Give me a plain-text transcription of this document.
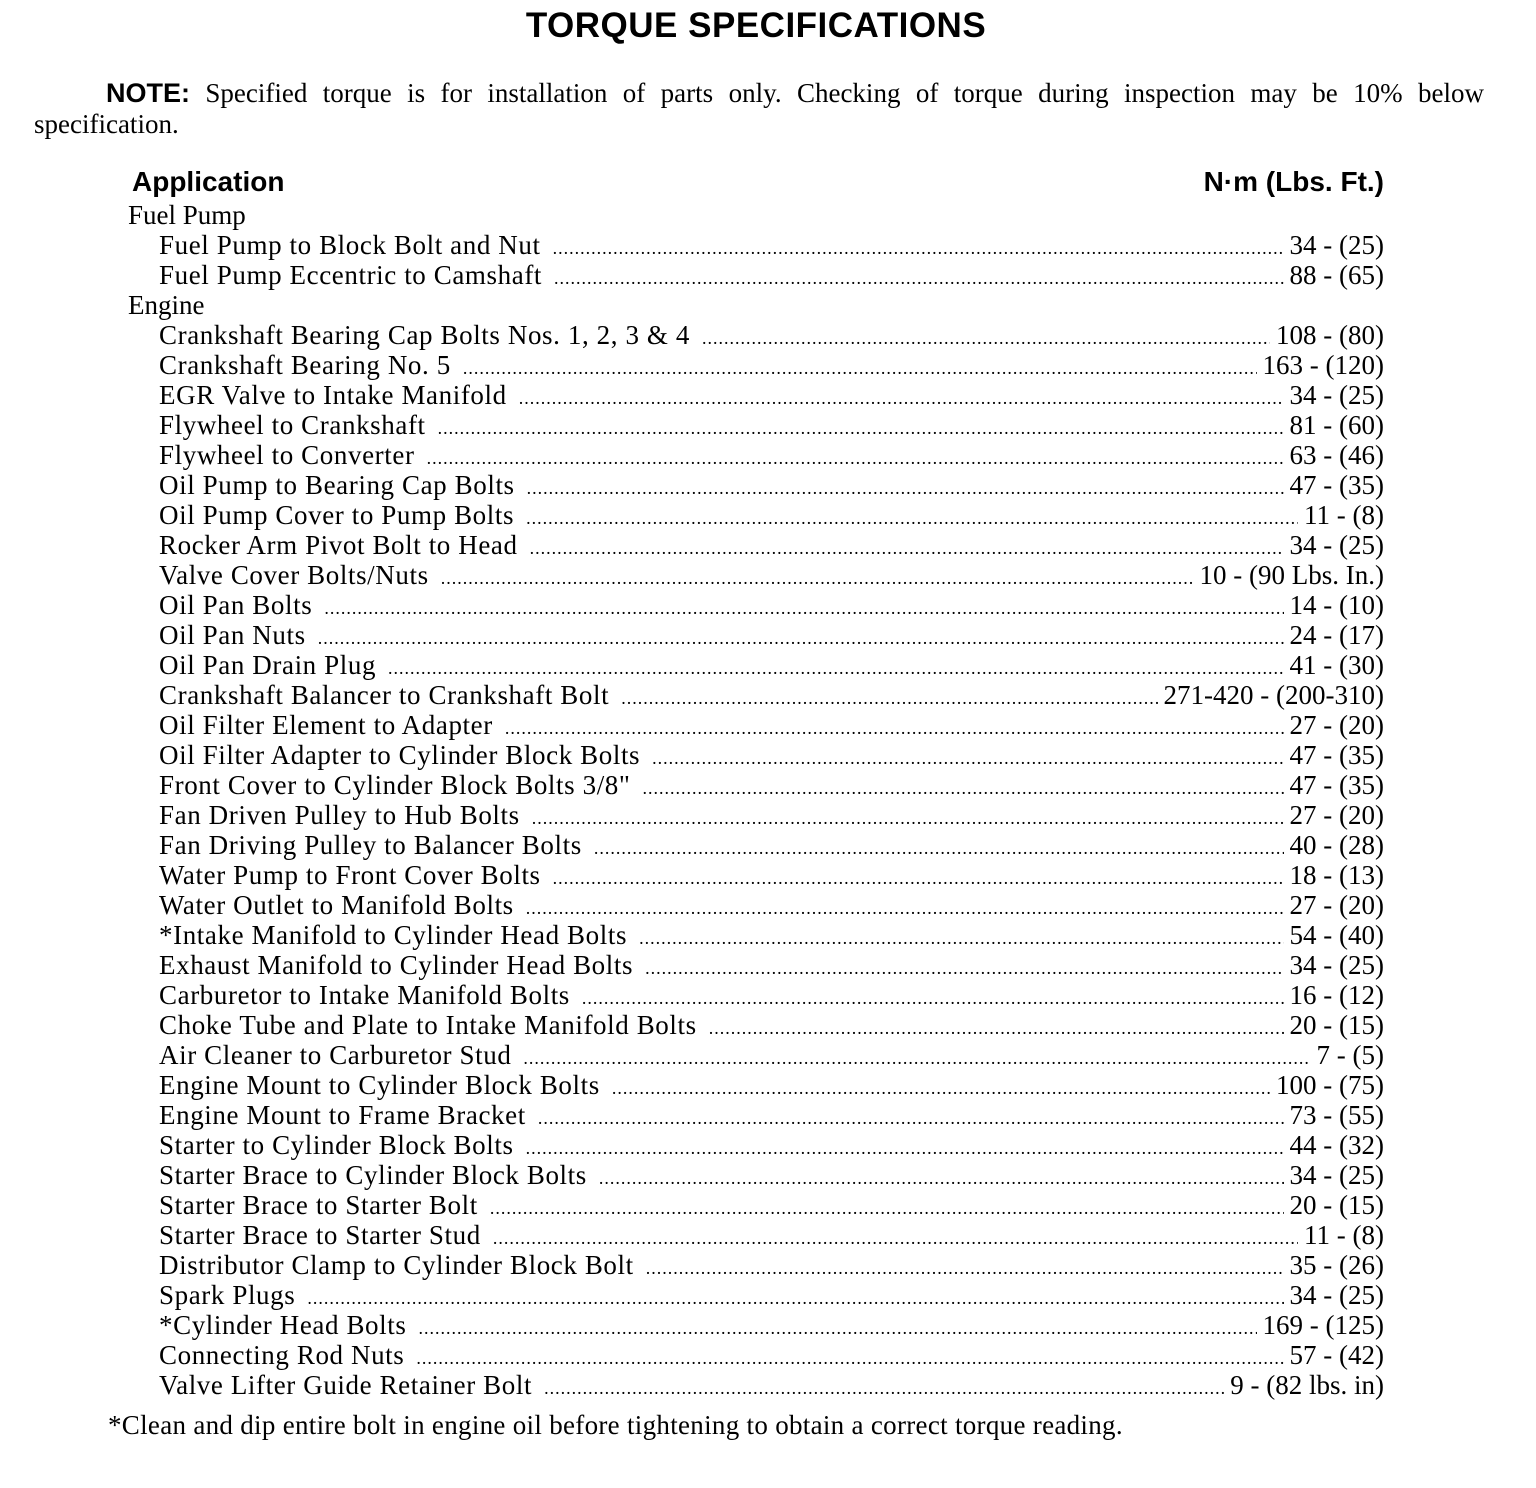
TORQUE SPECIFICATIONS
NOTE: Specified torque is for installation of parts only. Checking of torque during inspection may be 10% below specification.
Application	N·m (Lbs. Ft.)
Fuel Pump
Fuel Pump to Block Bolt and Nut .....	34 - (25)
Fuel Pump Eccentric to Camshaft .....	88 - (65)
Engine
Crankshaft Bearing Cap Bolts Nos. 1, 2, 3 & 4 .....	108 - (80)
Crankshaft Bearing No. 5 .....	163 - (120)
EGR Valve to Intake Manifold .....	34 - (25)
Flywheel to Crankshaft .....	81 - (60)
Flywheel to Converter .....	63 - (46)
Oil Pump to Bearing Cap Bolts .....	47 - (35)
Oil Pump Cover to Pump Bolts .....	11 - (8)
Rocker Arm Pivot Bolt to Head .....	34 - (25)
Valve Cover Bolts/Nuts .....	10 - (90 Lbs. In.)
Oil Pan Bolts .....	14 - (10)
Oil Pan Nuts .....	24 - (17)
Oil Pan Drain Plug .....	41 - (30)
Crankshaft Balancer to Crankshaft Bolt .....	271-420 - (200-310)
Oil Filter Element to Adapter .....	27 - (20)
Oil Filter Adapter to Cylinder Block Bolts .....	47 - (35)
Front Cover to Cylinder Block Bolts 3/8" .....	47 - (35)
Fan Driven Pulley to Hub Bolts .....	27 - (20)
Fan Driving Pulley to Balancer Bolts .....	40 - (28)
Water Pump to Front Cover Bolts .....	18 - (13)
Water Outlet to Manifold Bolts .....	27 - (20)
*Intake Manifold to Cylinder Head Bolts .....	54 - (40)
Exhaust Manifold to Cylinder Head Bolts .....	34 - (25)
Carburetor to Intake Manifold Bolts .....	16 - (12)
Choke Tube and Plate to Intake Manifold Bolts .....	20 - (15)
Air Cleaner to Carburetor Stud .....	7 - (5)
Engine Mount to Cylinder Block Bolts .....	100 - (75)
Engine Mount to Frame Bracket .....	73 - (55)
Starter to Cylinder Block Bolts .....	44 - (32)
Starter Brace to Cylinder Block Bolts .....	34 - (25)
Starter Brace to Starter Bolt .....	20 - (15)
Starter Brace to Starter Stud .....	11 - (8)
Distributor Clamp to Cylinder Block Bolt .....	35 - (26)
Spark Plugs .....	34 - (25)
*Cylinder Head Bolts .....	169 - (125)
Connecting Rod Nuts .....	57 - (42)
Valve Lifter Guide Retainer Bolt .....	9 - (82 lbs. in)
*Clean and dip entire bolt in engine oil before tightening to obtain a correct torque reading.
